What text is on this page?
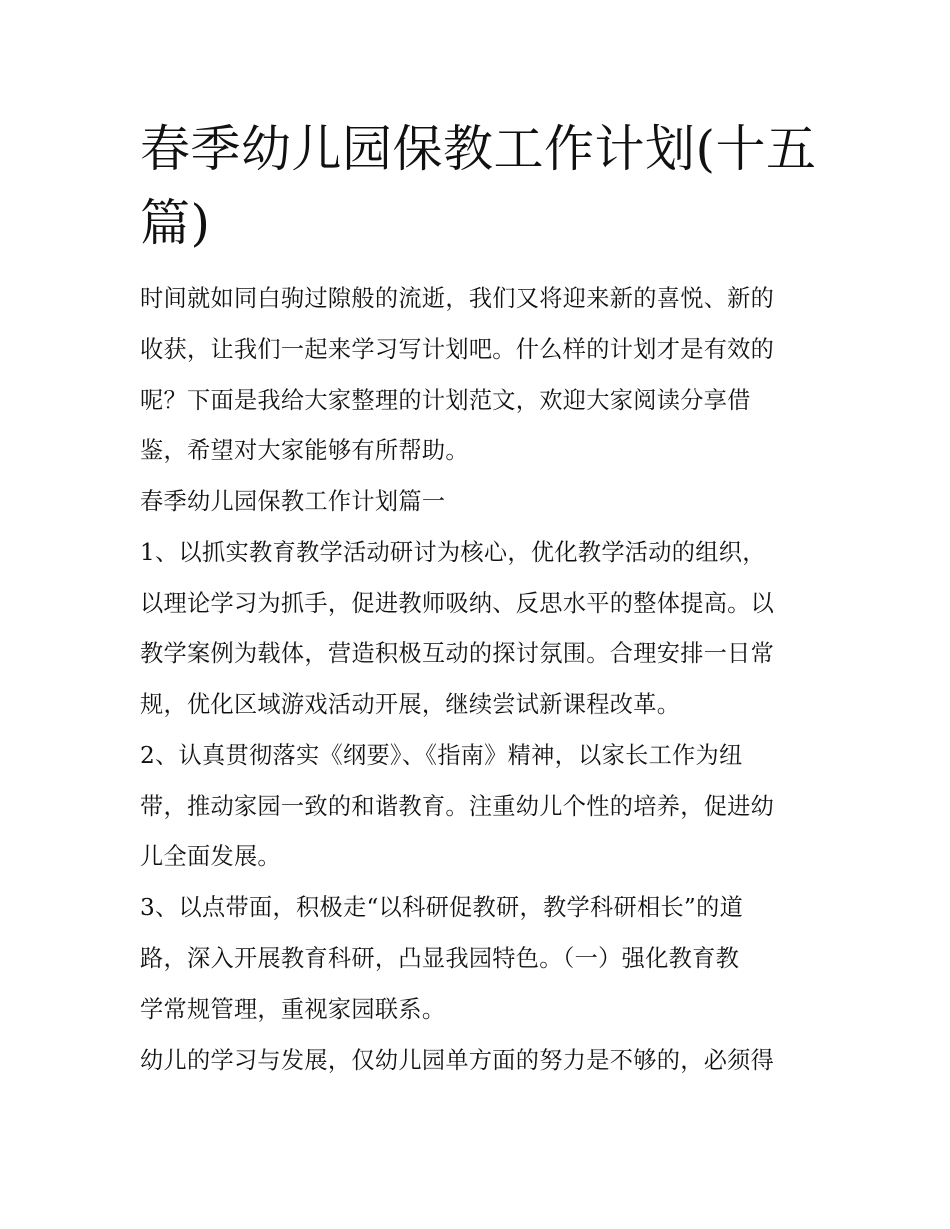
春季幼儿园保教工作计划(十五
篇)

时间就如同白驹过隙般的流逝，我们又将迎来新的喜悦、新的

收获，让我们一起来学习写计划吧。什么样的计划才是有效的

呢？下面是我给大家整理的计划范文，欢迎大家阅读分享借

鉴，希望对大家能够有所帮助。

春季幼儿园保教工作计划篇一

1、以抓实教育教学活动研讨为核心，优化教学活动的组织，

以理论学习为抓手，促进教师吸纳、反思水平的整体提高。以

教学案例为载体，营造积极互动的探讨氛围。合理安排一日常

规，优化区域游戏活动开展，继续尝试新课程改革。

2、认真贯彻落实《纲要》、《指南》精神，以家长工作为纽

带，推动家园一致的和谐教育。注重幼儿个性的培养，促进幼

儿全面发展。

3、以点带面，积极走“以科研促教研，教学科研相长”的道

路，深入开展教育科研，凸显我园特色。（一）强化教育教

学常规管理，重视家园联系。

幼儿的学习与发展，仅幼儿园单方面的努力是不够的，必须得
